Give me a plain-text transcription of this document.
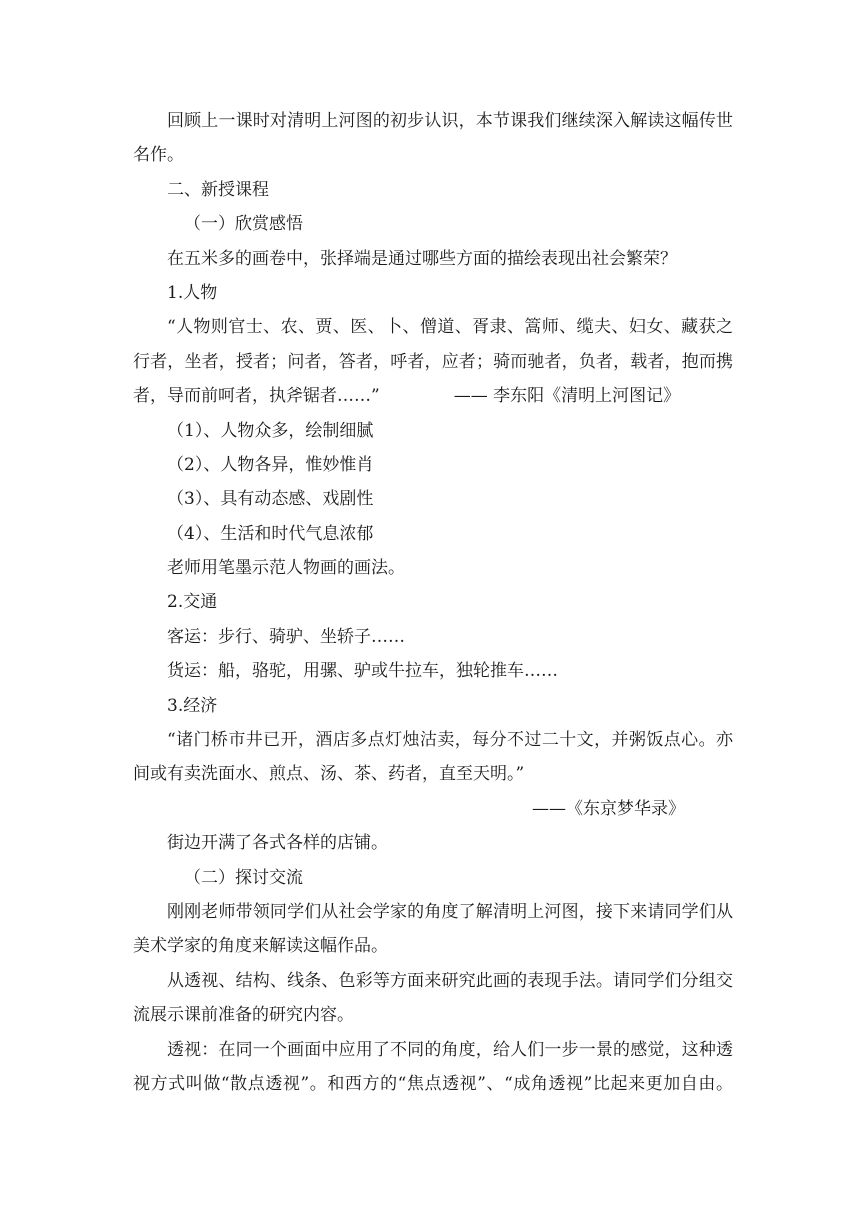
回顾上一课时对清明上河图的初步认识，本节课我们继续深入解读这幅传世
名作。
二、新授课程
（一）欣赏感悟
在五米多的画卷中，张择端是通过哪些方面的描绘表现出社会繁荣？
1.人物
“人物则官士、农、贾、医、卜、僧道、胥隶、篙师、缆夫、妇女、藏获之
行者，坐者，授者；问者，答者，呼者，应者；骑而驰者，负者，载者，抱而携
者，导而前呵者，执斧锯者……”	—— 李东阳《清明上河图记》
（1）、人物众多，绘制细腻
（2）、人物各异，惟妙惟肖
（3）、具有动态感、戏剧性
（4）、生活和时代气息浓郁
老师用笔墨示范人物画的画法。
2.交通
客运：步行、骑驴、坐轿子……
货运：船，骆驼，用骡、驴或牛拉车，独轮推车……
3.经济
“诸门桥市井已开，酒店多点灯烛沽卖，每分不过二十文，并粥饭点心。亦
间或有卖洗面水、煎点、汤、茶、药者，直至天明。”
——《东京梦华录》
街边开满了各式各样的店铺。
（二）探讨交流
刚刚老师带领同学们从社会学家的角度了解清明上河图，接下来请同学们从
美术学家的角度来解读这幅作品。
从透视、结构、线条、色彩等方面来研究此画的表现手法。请同学们分组交
流展示课前准备的研究内容。
透视：在同一个画面中应用了不同的角度，给人们一步一景的感觉，这种透
视方式叫做“散点透视”。和西方的“焦点透视”、“成角透视”比起来更加自由。
